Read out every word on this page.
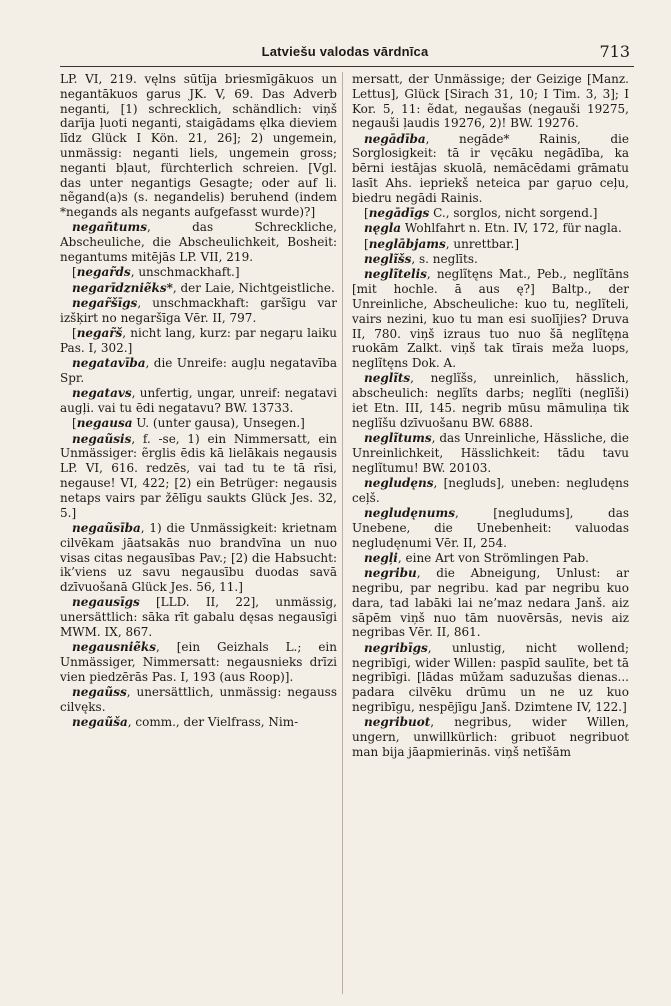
Latviešu valodas vārdnīca	713

LP. VI, 219. vęlns sūtīja briesmīgākuos un negantākuos garus JK. V, 69. Das Adverb neganti, [1) schrecklich, schändlich: viņš darīja ļuoti neganti, staigādams ęlka dieviem līdz Glück I Kön. 21, 26]; 2) ungemein, unmässig: neganti liels, ungemein gross; neganti bļaut, fürchterlich schreien. [Vgl. das unter negantigs Gesagte; oder auf li. nẽgand(a)s (s. negandelis) beruhend (indem *negands als negants aufgefasst wurde)?]

negañtums, das Schreckliche, Abscheuliche, die Abscheulichkeit, Bosheit: negantums mitējās LP. VII, 219.

[negar̃ds, unschmackhaft.]

negarīdzniẽks*, der Laie, Nichtgeistliche.

negar̃šīgs, unschmackhaft: garšīgu var izšķirt no negaršīga Vēr. II, 797.

[negar̃š, nicht lang, kurz: par negaŗu laiku Pas. I, 302.]

negatavība, die Unreife: augļu negatavība Spr.

negatavs, unfertig, ungar, unreif: negatavi augļi. vai tu ēdi negatavu? BW. 13733.

[negausa U. (unter gausa), Unsegen.]

negaũsis, f. -se, 1) ein Nimmersatt, ein Unmässiger: ẽrglis ēdis kā lielākais negausis LP. VI, 616. redzēs, vai tad tu te tā rīsi, negause! VI, 422; [2) ein Betrüger: negausis netaps vairs par žēlīgu saukts Glück Jes. 32, 5.]

negaũsība, 1) die Unmässigkeit: krietnam cilvēkam jāatsakās nuo brandvīna un nuo visas citas negausības Pav.; [2) die Habsucht: ik’viens uz savu negausību duodas savā dzīvuošanā Glück Jes. 56, 11.]

negausīgs [LLD. II, 22], unmässig, unersättlich: sāka rīt gabalu dęsas negausīgi MWM. IX, 867.

negausniẽks, [ein Geizhals L.; ein Unmässiger, Nimmersatt: negausnieks drīzi vien piedzērās Pas. I, 193 (aus Roop)].

negaũss, unersättlich, unmässig: negauss cilvęks.

negaũša, comm., der Vielfrass, Nim-

mersatt, der Unmässige; der Geizige [Manz. Lettus], Glück [Sirach 31, 10; I Tim. 3, 3]; I Kor. 5, 11: ẽdat, negaušas (negauši 19275, negauši ļaudis 19276, 2)! BW. 19276.

negādība, negāde* Rainis, die Sorglosigkeit: tā ir vęcāku negādība, ka bērni iestājas skuolā, nemācēdami grāmatu lasīt Ahs. iepriekš neteica par gaŗuo ceļu, biedru negādi Rainis.

[negādīgs C., sorglos, nicht sorgend.]

nęgla Wohlfahrt n. Etn. IV, 172, für nagla.

[neglābjams, unrettbar.]

neglĩšs, s. neglīts.

neglĩtelis, neglĩtęns Mat., Peb., neglĩtāns [mit hochle. ā aus ę?] Baltp., der Unreinliche, Abscheuliche: kuo tu, neglĩteli, vairs nezini, kuo tu man esi suolījies? Druva II, 780. viņš izraus tuo nuo šā neglĩtęņa ruokām Zalkt. viņš tak tīrais meža luops, neglĩtęns Dok. A.

neglĩts, neglĩšs, unreinlich, hässlich, abscheulich: neglĩts darbs; neglĩti (neglīši) iet Etn. III, 145. negrib mūsu māmuliņa tik neglĩšu dzīvuošanu BW. 6888.

neglĩtums, das Unreinliche, Hässliche, die Unreinlichkeit, Hässlichkeit: tādu tavu neglĩtumu! BW. 20103.

negludęns, [negluds], uneben: negludęns ceļš.

negludęnums, [negludums], das Unebene, die Unebenheit: valuodas negludęnumi Vēr. II, 254.

negļi, eine Art von Strömlingen Pab.

negribu, die Abneigung, Unlust: ar negribu, par negribu. kad par negribu kuo dara, tad labāki lai ne’maz nedara Janš. aiz sāpēm viņš nuo tām nuovērsās, nevis aiz negribas Vēr. II, 861.

negribīgs, unlustig, nicht wollend; negribīgi, wider Willen: paspīd saulīte, bet tā negribīgi. [lādas mūžam saduzušas dienas... padara cilvēku drūmu un ne uz kuo negribīgu, nespējīgu Janš. Dzimtene IV, 122.]

negribuot, negribus, wider Willen, ungern, unwillkürlich: gribuot negribuot man bija jāapmierinās. viņš netīšām
